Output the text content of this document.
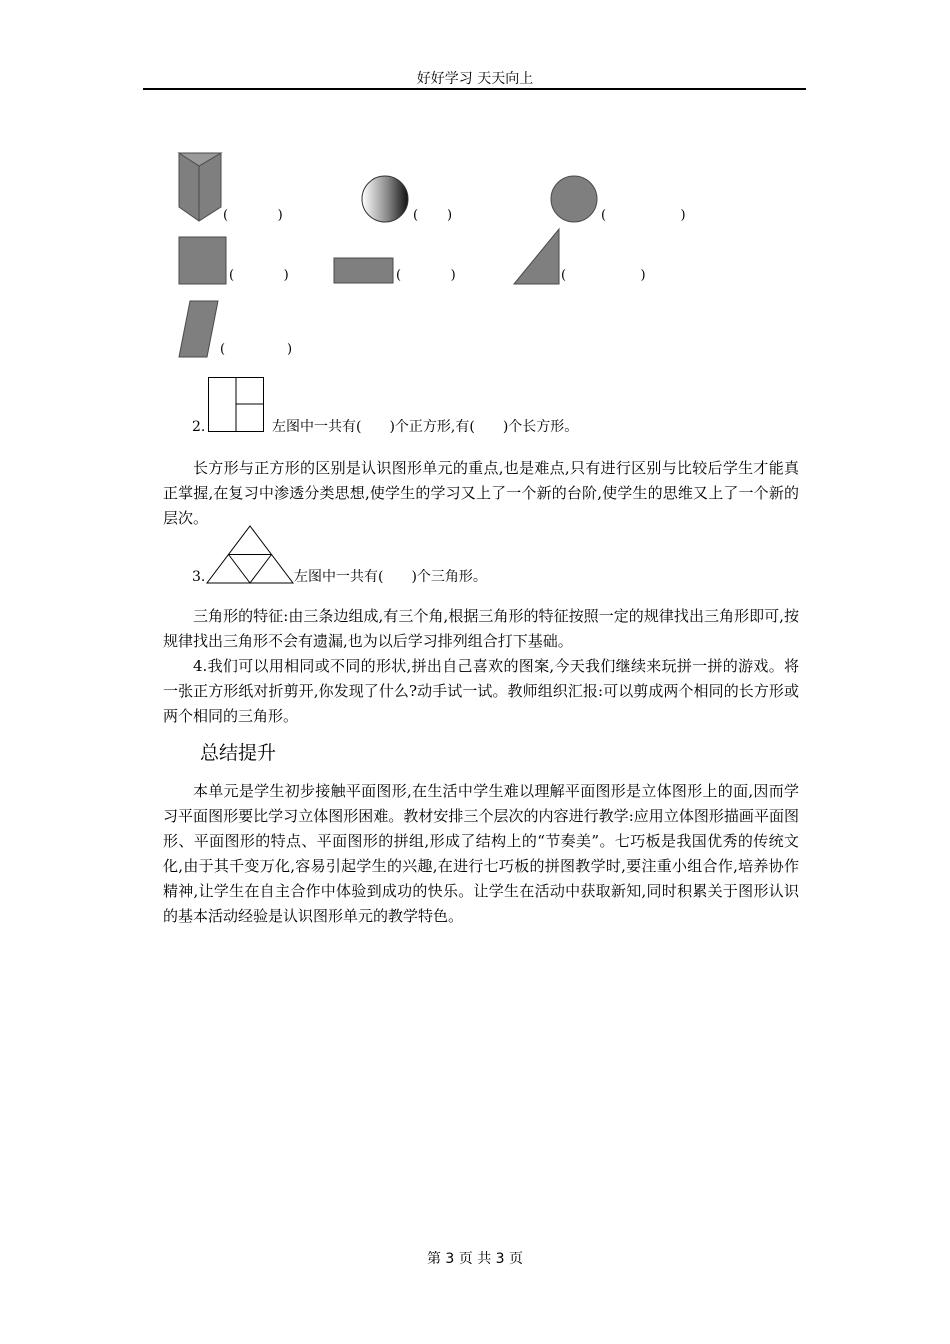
好好学习 天天向上
(            )	(       )	(                  )
(            )	(            )	(                  )
(               )
2.	左图中一共有(　　)个正方形,有(　　)个长方形。

长方形与正方形的区别是认识图形单元的重点,也是难点,只有进行区别与比较后学生才能真正掌握,在复习中渗透分类思想,使学生的学习又上了一个新的台阶,使学生的思维又上了一个新的层次。

3.	左图中一共有(　　)个三角形。

三角形的特征:由三条边组成,有三个角,根据三角形的特征按照一定的规律找出三角形即可,按规律找出三角形不会有遗漏,也为以后学习排列组合打下基础。

4.我们可以用相同或不同的形状,拼出自己喜欢的图案,今天我们继续来玩拼一拼的游戏。将一张正方形纸对折剪开,你发现了什么?动手试一试。教师组织汇报:可以剪成两个相同的长方形或两个相同的三角形。

总结提升

本单元是学生初步接触平面图形,在生活中学生难以理解平面图形是立体图形上的面,因而学习平面图形要比学习立体图形困难。教材安排三个层次的内容进行教学:应用立体图形描画平面图形、平面图形的特点、平面图形的拼组,形成了结构上的“节奏美”。七巧板是我国优秀的传统文化,由于其千变万化,容易引起学生的兴趣,在进行七巧板的拼图教学时,要注重小组合作,培养协作精神,让学生在自主合作中体验到成功的快乐。让学生在活动中获取新知,同时积累关于图形认识的基本活动经验是认识图形单元的教学特色。

第 3 页 共 3 页
